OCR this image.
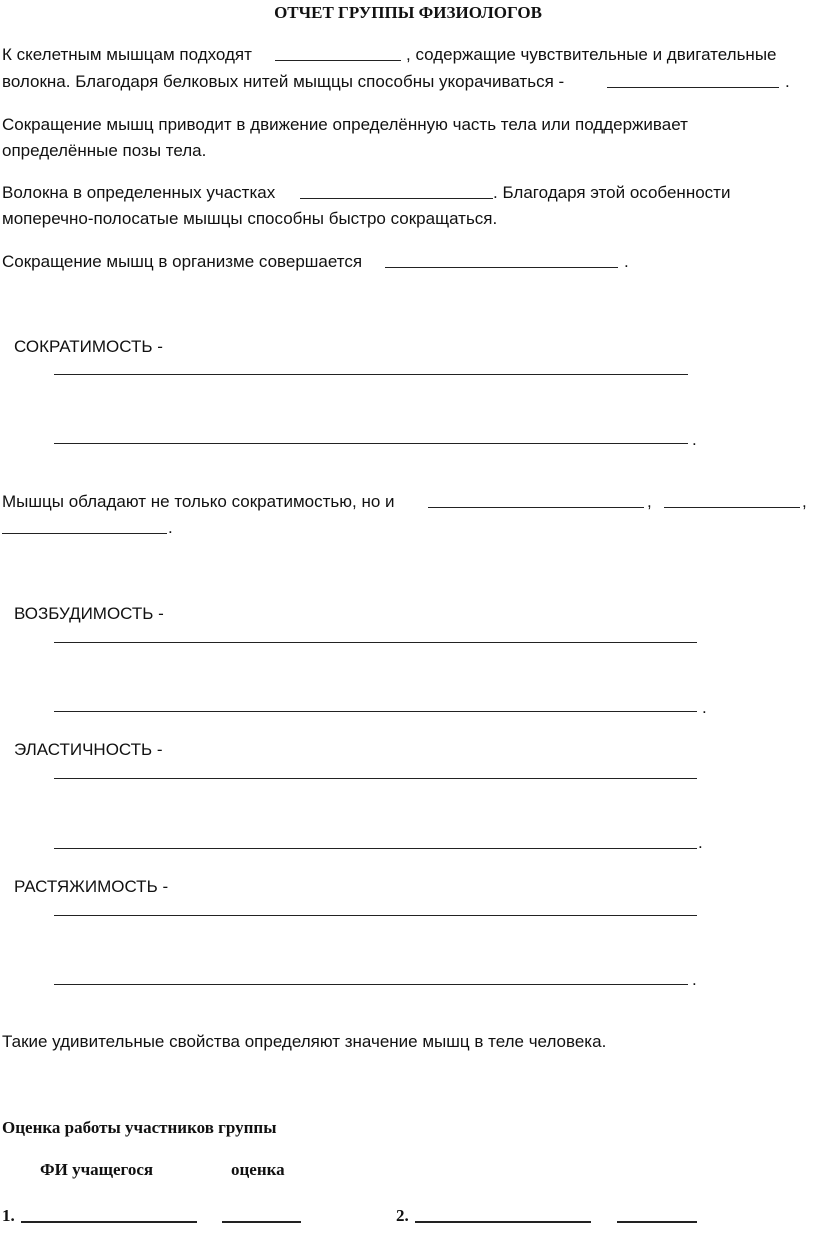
ОТЧЕТ ГРУППЫ ФИЗИОЛОГОВ
К скелетным мышцам подходят	, содержащие чувствительные и двигательные
волокна. Благодаря белковых нитей мыщцы способны укорачиваться -	.
Сокращение мышц приводит в движение определённую часть тела или поддерживает
определённые позы тела.
Волокна в определенных участках	. Благодаря этой особенности
моперечно-полосатые мышцы способны быстро сокращаться.
Сокращение мышц в организме совершается	.
СОКРАТИМОСТЬ -
.
Мышцы обладают не только сократимостью, но и	,	,
.
ВОЗБУДИМОСТЬ -
.
ЭЛАСТИЧНОСТЬ -
.
РАСТЯЖИМОСТЬ -
.
Такие удивительные свойства определяют значение мышц в теле человека.
Оценка работы участников группы
ФИ учащегося	оценка
1.	2.
